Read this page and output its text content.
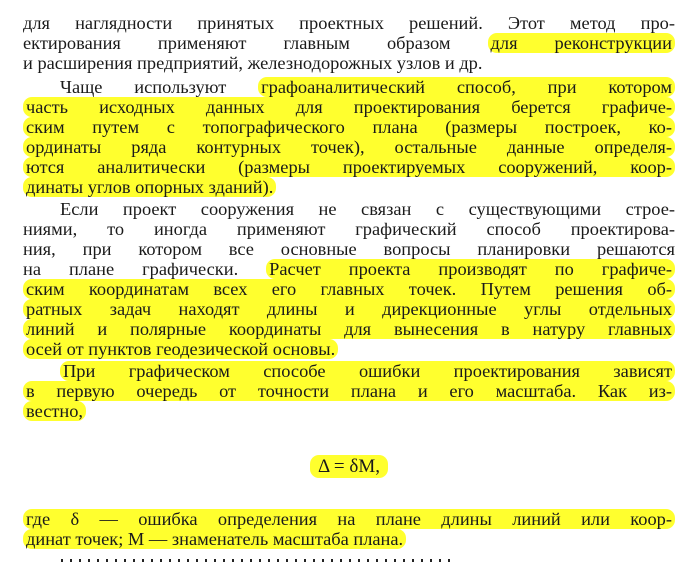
для наглядности принятых проектных решений. Этот метод про-
ектирования применяют главным образом для реконструкции
и расширения предприятий, железнодорожных узлов и др.
Чаще используют графоаналитический способ, при котором
часть исходных данных для проектирования берется графиче-
ским путем с топографического плана (размеры построек, ко-
ординаты ряда контурных точек), остальные данные определя-
ются аналитически (размеры проектируемых сооружений, коор-
динаты углов опорных зданий).
Если проект сооружения не связан с существующими строе-
ниями, то иногда применяют графический способ проектирова-
ния, при котором все основные вопросы планировки решаются
на плане графически. Расчет проекта производят по графиче-
ским координатам всех его главных точек. Путем решения об-
ратных задач находят длины и дирекционные углы отдельных
линий и полярные координаты для вынесения в натуру главных
осей от пунктов геодезической основы.
При графическом способе ошибки проектирования зависят
в первую очередь от точности плана и его масштаба. Как из-
вестно,
Δ = δM,
где δ — ошибка определения на плане длины линий или коор-
динат точек; М — знаменатель масштаба плана.
